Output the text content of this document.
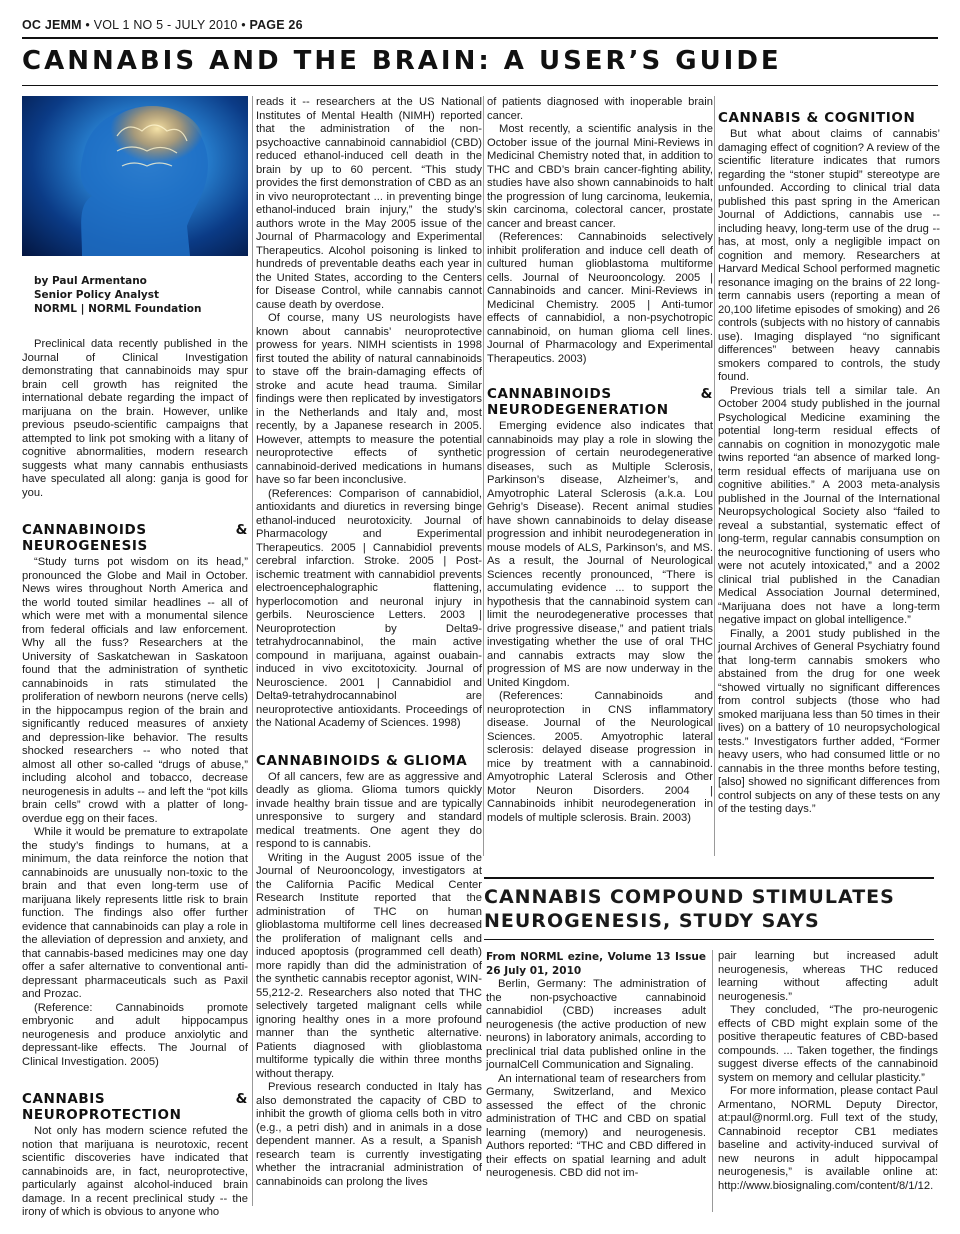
OC JEMM • VOL 1 NO 5 - JULY 2010 • PAGE 26
CANNABIS AND THE BRAIN: A USER’S GUIDE
by Paul Armentano
Senior Policy Analyst
NORML | NORML Foundation

Preclinical data recently published in the Journal of Clinical Investigation demonstrating that cannabinoids may spur brain cell growth has reignited the international debate regarding the impact of marijuana on the brain. However, unlike previous pseudo-scientific campaigns that attempted to link pot smoking with a litany of cognitive abnormalities, modern research suggests what many cannabis enthusiasts have speculated all along: ganja is good for you.

CANNABINOIDS & NEUROGENESIS

“Study turns pot wisdom on its head,” pronounced the Globe and Mail in October. News wires throughout North America and the world touted similar headlines -- all of which were met with a monumental silence from federal officials and law enforcement. Why all the fuss? Researchers at the University of Saskatchewan in Saskatoon found that the administration of synthetic cannabinoids in rats stimulated the proliferation of newborn neurons (nerve cells) in the hippocampus region of the brain and significantly reduced measures of anxiety and depression-like behavior. The results shocked researchers -- who noted that almost all other so-called “drugs of abuse,” including alcohol and tobacco, decrease neurogenesis in adults -- and left the “pot kills brain cells” crowd with a platter of long-overdue egg on their faces.

While it would be premature to extrapolate the study’s findings to humans, at a minimum, the data reinforce the notion that cannabinoids are unusually non-toxic to the brain and that even long-term use of marijuana likely represents little risk to brain function. The findings also offer further evidence that cannabinoids can play a role in the alleviation of depression and anxiety, and that cannabis-based medicines may one day offer a safer alternative to conventional anti-depressant pharmaceuticals such as Paxil and Prozac.

(Reference: Cannabinoids promote embryonic and adult hippocampus neurogenesis and produce anxiolytic and depressant-like effects. The Journal of Clinical Investigation. 2005)

CANNABIS & NEUROPROTECTION

Not only has modern science refuted the notion that marijuana is neurotoxic, recent scientific discoveries have indicated that cannabinoids are, in fact, neuroprotective, particularly against alcohol-induced brain damage. In a recent preclinical study -- the irony of which is obvious to anyone who

reads it -- researchers at the US National Institutes of Mental Health (NIMH) reported that the administration of the non-psychoactive cannabinoid cannabidiol (CBD) reduced ethanol-induced cell death in the brain by up to 60 percent. “This study provides the first demonstration of CBD as an in vivo neuroprotectant ... in preventing binge ethanol-induced brain injury,” the study’s authors wrote in the May 2005 issue of the Journal of Pharmacology and Experimental Therapeutics. Alcohol poisoning is linked to hundreds of preventable deaths each year in the United States, according to the Centers for Disease Control, while cannabis cannot cause death by overdose.

Of course, many US neurologists have known about cannabis’ neuroprotective prowess for years. NIMH scientists in 1998 first touted the ability of natural cannabinoids to stave off the brain-damaging effects of stroke and acute head trauma. Similar findings were then replicated by investigators in the Netherlands and Italy and, most recently, by a Japanese research in 2005. However, attempts to measure the potential neuroprotective effects of synthetic cannabinoid-derived medications in humans have so far been inconclusive.

(References: Comparison of cannabidiol, antioxidants and diuretics in reversing binge ethanol-induced neurotoxicity. Journal of Pharmacology and Experimental Therapeutics. 2005 | Cannabidiol prevents cerebral infarction. Stroke. 2005 | Post-ischemic treatment with cannabidiol prevents electroencephalographic flattening, hyperlocomotion and neuronal injury in gerbils. Neuroscience Letters. 2003 | Neuroprotection by Delta9-tetrahydrocannabinol, the main active compound in marijuana, against ouabain-induced in vivo excitotoxicity. Journal of Neuroscience. 2001 | Cannabidiol and Delta9-tetrahydrocannabinol are neuroprotective antioxidants. Proceedings of the National Academy of Sciences. 1998)

CANNABINOIDS & GLIOMA

Of all cancers, few are as aggressive and deadly as glioma. Glioma tumors quickly invade healthy brain tissue and are typically unresponsive to surgery and standard medical treatments. One agent they do respond to is cannabis.

Writing in the August 2005 issue of the Journal of Neurooncology, investigators at the California Pacific Medical Center Research Institute reported that the administration of THC on human glioblastoma multiforme cell lines decreased the proliferation of malignant cells and induced apoptosis (programmed cell death) more rapidly than did the administration of the synthetic cannabis receptor agonist, WIN-55,212-2. Researchers also noted that THC selectively targeted malignant cells while ignoring healthy ones in a more profound manner than the synthetic alternative. Patients diagnosed with glioblastoma multiforme typically die within three months without therapy.

Previous research conducted in Italy has also demonstrated the capacity of CBD to inhibit the growth of glioma cells both in vitro (e.g., a petri dish) and in animals in a dose dependent manner. As a result, a Spanish research team is currently investigating whether the intracranial administration of cannabinoids can prolong the lives

of patients diagnosed with inoperable brain cancer.

Most recently, a scientific analysis in the October issue of the journal Mini-Reviews in Medicinal Chemistry noted that, in addition to THC and CBD’s brain cancer-fighting ability, studies have also shown cannabinoids to halt the progression of lung carcinoma, leukemia, skin carcinoma, colectoral cancer, prostate cancer and breast cancer.

(References: Cannabinoids selectively inhibit proliferation and induce cell death of cultured human glioblastoma multiforme cells. Journal of Neurooncology. 2005 | Cannabinoids and cancer. Mini-Reviews in Medicinal Chemistry. 2005 | Anti-tumor effects of cannabidiol, a non-psychotropic cannabinoid, on human glioma cell lines. Journal of Pharmacology and Experimental Therapeutics. 2003)

CANNABINOIDS & NEURODEGENERATION

Emerging evidence also indicates that cannabinoids may play a role in slowing the progression of certain neurodegenerative diseases, such as Multiple Sclerosis, Parkinson’s disease, Alzheimer’s, and Amyotrophic Lateral Sclerosis (a.k.a. Lou Gehrig’s Disease). Recent animal studies have shown cannabinoids to delay disease progression and inhibit neurodegeneration in mouse models of ALS, Parkinson’s, and MS. As a result, the Journal of Neurological Sciences recently pronounced, “There is accumulating evidence ... to support the hypothesis that the cannabinoid system can limit the neurodegenerative processes that drive progressive disease,” and patient trials investigating whether the use of oral THC and cannabis extracts may slow the progression of MS are now underway in the United Kingdom.

(References: Cannabinoids and neuroprotection in CNS inflammatory disease. Journal of the Neurological Sciences. 2005. Amyotrophic lateral sclerosis: delayed disease progression in mice by treatment with a cannabinoid. Amyotrophic Lateral Sclerosis and Other Motor Neuron Disorders. 2004 | Cannabinoids inhibit neurodegeneration in models of multiple sclerosis. Brain. 2003)

CANNABIS & COGNITION

But what about claims of cannabis’ damaging effect of cognition? A review of the scientific literature indicates that rumors regarding the “stoner stupid” stereotype are unfounded. According to clinical trial data published this past spring in the American Journal of Addictions, cannabis use -- including heavy, long-term use of the drug -- has, at most, only a negligible impact on cognition and memory. Researchers at Harvard Medical School performed magnetic resonance imaging on the brains of 22 long-term cannabis users (reporting a mean of 20,100 lifetime episodes of smoking) and 26 controls (subjects with no history of cannabis use). Imaging displayed “no significant differences” between heavy cannabis smokers compared to controls, the study found.

Previous trials tell a similar tale. An October 2004 study published in the journal Psychological Medicine examining the potential long-term residual effects of cannabis on cognition in monozygotic male twins reported “an absence of marked long-term residual effects of marijuana use on cognitive abilities.” A 2003 meta-analysis published in the Journal of the International Neuropsychological Society also “failed to reveal a substantial, systematic effect of long-term, regular cannabis consumption on the neurocognitive functioning of users who were not acutely intoxicated,” and a 2002 clinical trial published in the Canadian Medical Association Journal determined, “Marijuana does not have a long-term negative impact on global intelligence.”

Finally, a 2001 study published in the journal Archives of General Psychiatry found that long-term cannabis smokers who abstained from the drug for one week “showed virtually no significant differences from control subjects (those who had smoked marijuana less than 50 times in their lives) on a battery of 10 neuropsychological tests.” Investigators further added, “Former heavy users, who had consumed little or no cannabis in the three months before testing, [also] showed no significant differences from control subjects on any of these tests on any of the testing days.”

CANNABIS COMPOUND STIMULATES NEUROGENESIS, STUDY SAYS

From NORML ezine, Volume 13 Issue 26 July 01, 2010

Berlin, Germany: The administration of the non-psychoactive cannabinoid cannabidiol (CBD) increases adult neurogenesis (the active production of new neurons) in laboratory animals, according to preclinical trial data published online in the journalCell Communication and Signaling.

An international team of researchers from Germany, Switzerland, and Mexico assessed the effect of the chronic administration of THC and CBD on spatial learning (memory) and neurogenesis. Authors reported: “THC and CBD differed in their effects on spatial learning and adult neurogenesis. CBD did not im-

pair learning but increased adult neurogenesis, whereas THC reduced learning without affecting adult neurogenesis.”

They concluded, “The pro-neurogenic effects of CBD might explain some of the positive therapeutic features of CBD-based compounds. ... Taken together, the findings suggest diverse effects of the cannabinoid system on memory and cellular plasticity.”

For more information, please contact Paul Armentano, NORML Deputy Director, at:paul@norml.org. Full text of the study, Cannabinoid receptor CB1 mediates baseline and activity-induced survival of new neurons in adult hippocampal neurogenesis,” is available online at: http://www.biosignaling.com/content/8/1/12.
